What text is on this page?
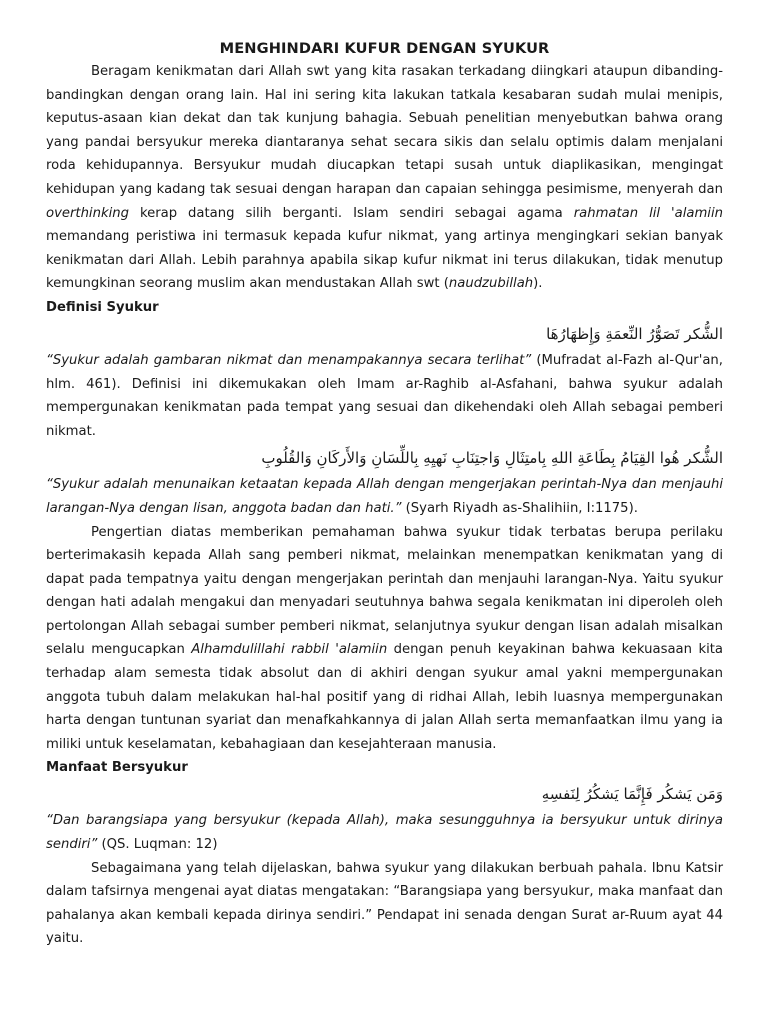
MENGHINDARI KUFUR DENGAN SYUKUR

Beragam kenikmatan dari Allah swt yang kita rasakan terkadang diingkari ataupun dibanding-bandingkan dengan orang lain. Hal ini sering kita lakukan tatkala kesabaran sudah mulai menipis, keputus-asaan kian dekat dan tak kunjung bahagia. Sebuah penelitian menyebutkan bahwa orang yang pandai bersyukur mereka diantaranya sehat secara sikis dan selalu optimis dalam menjalani roda kehidupannya. Bersyukur mudah diucapkan tetapi susah untuk diaplikasikan, mengingat kehidupan yang kadang tak sesuai dengan harapan dan capaian sehingga pesimisme, menyerah dan overthinking kerap datang silih berganti. Islam sendiri sebagai agama rahmatan lil 'alamiin memandang peristiwa ini termasuk kepada kufur nikmat, yang artinya mengingkari sekian banyak kenikmatan dari Allah. Lebih parahnya apabila sikap kufur nikmat ini terus dilakukan, tidak menutup kemungkinan seorang muslim akan mendustakan Allah swt (naudzubillah).

Definisi Syukur

الشُّكر تَصَوُّرُ النِّعمَةِ وَإِظهَارُهَا

“Syukur adalah gambaran nikmat dan menampakannya secara terlihat” (Mufradat al-Fazh al-Qur'an, hlm. 461). Definisi ini dikemukakan oleh Imam ar-Raghib al-Asfahani, bahwa syukur adalah mempergunakan kenikmatan pada tempat yang sesuai dan dikehendaki oleh Allah sebagai pemberi nikmat.

الشُّكر هُوا القِيَامُ بِطَاعَةِ اللهِ بِامتِثَالِ وَاجتِنَابِ نَهيِهِ بِاللِّسَانِ وَالأَركَانِ وَالقُلُوبِ

“Syukur adalah menunaikan ketaatan kepada Allah dengan mengerjakan perintah-Nya dan menjauhi larangan-Nya dengan lisan, anggota badan dan hati.” (Syarh Riyadh as-Shalihiin, I:1175).

Pengertian diatas memberikan pemahaman bahwa syukur tidak terbatas berupa perilaku berterimakasih kepada Allah sang pemberi nikmat, melainkan menempatkan kenikmatan yang di dapat pada tempatnya yaitu dengan mengerjakan perintah dan menjauhi larangan-Nya. Yaitu syukur dengan hati adalah mengakui dan menyadari seutuhnya bahwa segala kenikmatan ini diperoleh oleh pertolongan Allah sebagai sumber pemberi nikmat, selanjutnya syukur dengan lisan adalah misalkan selalu mengucapkan Alhamdulillahi rabbil 'alamiin dengan penuh keyakinan bahwa kekuasaan kita terhadap alam semesta tidak absolut dan di akhiri dengan syukur amal yakni mempergunakan anggota tubuh dalam melakukan hal-hal positif yang di ridhai Allah, lebih luasnya mempergunakan harta dengan tuntunan syariat dan menafkahkannya di jalan Allah serta memanfaatkan ilmu yang ia miliki untuk keselamatan, kebahagiaan dan kesejahteraan manusia.

Manfaat Bersyukur

وَمَن يَشكُر فَإِنَّمَا يَشكُرُ لِنَفسِهِ

“Dan barangsiapa yang bersyukur (kepada Allah), maka sesungguhnya ia bersyukur untuk dirinya sendiri” (QS. Luqman: 12)

Sebagaimana yang telah dijelaskan, bahwa syukur yang dilakukan berbuah pahala. Ibnu Katsir dalam tafsirnya mengenai ayat diatas mengatakan: “Barangsiapa yang bersyukur, maka manfaat dan pahalanya akan kembali kepada dirinya sendiri.” Pendapat ini senada dengan Surat ar-Ruum ayat 44 yaitu.
